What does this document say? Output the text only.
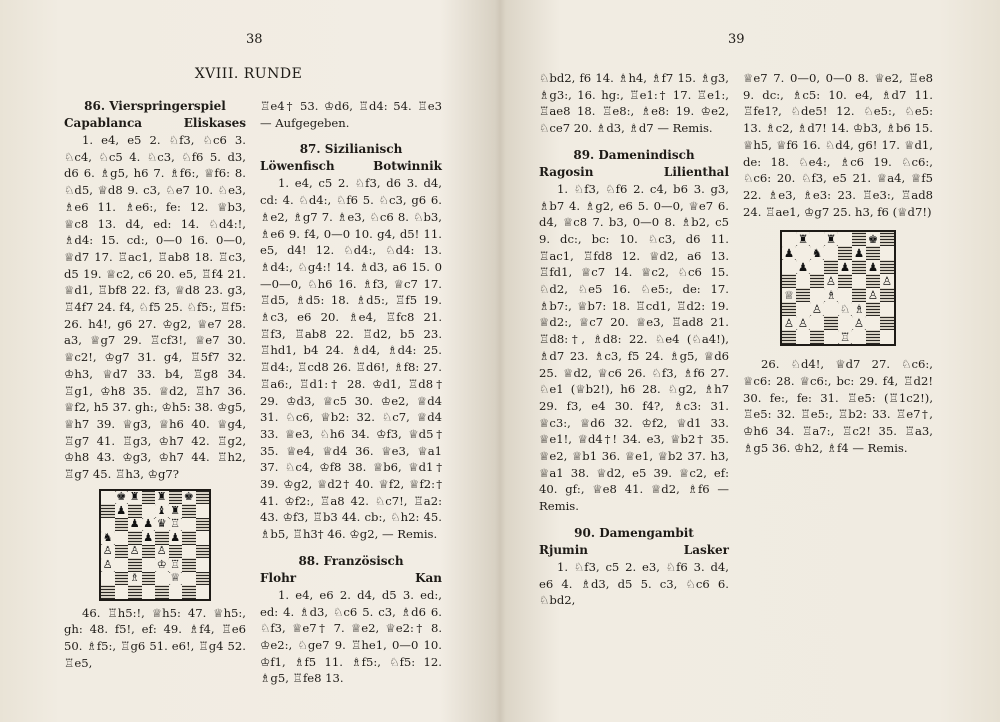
38
XVIII. RUNDE

86. Vierspringerspiel

Capablanca	Eliskases

1. e4, e5 2. ♘f3, ♘c6 3. ♘c4, ♘c5 4. ♘c3, ♘f6 5. d3, d6 6. ♗g5, h6 7. ♗f6:, ♕f6: 8. ♘d5, ♕d8 9. c3, ♘e7 10. ♘e3, ♗e6 11. ♗e6:, fe: 12. ♕b3, ♕c8 13. d4, ed: 14. ♘d4:!, ♗d4: 15. cd:, 0—0 16. 0—0, ♕d7 17. ♖ac1, ♖ab8 18. ♖c3, d5 19. ♕c2, c6 20. e5, ♖f4 21. ♕d1, ♖bf8 22. f3, ♕d8 23. g3, ♖4f7 24. f4, ♘f5 25. ♘f5:, ♖f5: 26. h4!, g6 27. ♔g2, ♕e7 28. a3, ♕g7 29. ♖cf3!, ♕e7 30. ♕c2!, ♔g7 31. g4, ♖5f7 32. ♔h3, ♕d7 33. b4, ♖g8 34. ♖g1, ♔h8 35. ♕d2, ♖h7 36. ♕f2, h5 37. gh:, ♔h5: 38. ♔g5, ♕h7 39. ♕g3, ♕h6 40. ♕g4, ♖g7 41. ♖g3, ♔h7 42. ♖g2, ♔h8 43. ♔g3, ♔h7 44. ♖h2, ♖g7 45. ♖h3, ♔g7?

♚ ♜ ♜ ♚
♟	♝ ♜
♟ ♟ ♛ ♖
♞	♟ ♟
♙ ♙ ♙
♙	♔ ♖
♗	♕

46. ♖h5:!, ♕h5: 47. ♕h5:, gh: 48. f5!, ef: 49. ♗f4, ♖e6 50. ♗f5:, ♖g6 51. e6!, ♖g4 52. ♖e5,

♖e4† 53. ♔d6, ♖d4: 54. ♖e3 — Aufgegeben.

87. Sizilianisch

Löwenfisch	Botwinnik

1. e4, c5 2. ♘f3, d6 3. d4, cd: 4. ♘d4:, ♘f6 5. ♘c3, g6 6. ♗e2, ♗g7 7. ♗e3, ♘c6 8. ♘b3, ♗e6 9. f4, 0—0 10. g4, d5! 11. e5, d4! 12. ♘d4:, ♘d4: 13. ♗d4:, ♘g4:! 14. ♗d3, a6 15. 0—0—0, ♘h6 16. ♗f3, ♕c7 17. ♖d5, ♗d5: 18. ♗d5:, ♖f5 19. ♗c3, e6 20. ♗e4, ♖fc8 21. ♖f3, ♖ab8 22. ♖d2, b5 23. ♖hd1, b4 24. ♗d4, ♗d4: 25. ♖d4:, ♖cd8 26. ♖d6!, ♗f8: 27. ♖a6:, ♖d1:† 28. ♔d1, ♖d8† 29. ♔d3, ♕c5 30. ♔e2, ♕d4 31. ♘c6, ♕b2: 32. ♘c7, ♕d4 33. ♕e3, ♘h6 34. ♔f3, ♕d5† 35. ♕e4, ♕d4 36. ♕e3, ♕a1 37. ♘c4, ♔f8 38. ♕b6, ♕d1† 39. ♔g2, ♕d2† 40. ♕f2, ♕f2:† 41. ♔f2:, ♖a8 42. ♘c7!, ♖a2: 43. ♔f3, ♖b3 44. cb:, ♘h2: 45. ♗b5, ♖h3† 46. ♔g2, — Remis.

88. Französisch

Flohr	Kan

1. e4, e6 2. d4, d5 3. ed:, ed: 4. ♗d3, ♘c6 5. c3, ♗d6 6. ♘f3, ♕e7† 7. ♕e2, ♕e2:† 8. ♔e2:, ♘ge7 9. ♖he1, 0—0 10. ♔f1, ♗f5 11. ♗f5:, ♘f5: 12. ♗g5, ♖fe8 13.

39

♘bd2, f6 14. ♗h4, ♗f7 15. ♗g3, ♗g3:, 16. hg:, ♖e1:† 17. ♖e1:, ♖ae8 18. ♖e8:, ♗e8: 19. ♔e2, ♘ce7 20. ♗d3, ♗d7 — Remis.

89. Damenindisch

Ragosin	Lilienthal

1. ♘f3, ♘f6 2. c4, b6 3. g3, ♗b7 4. ♗g2, e6 5. 0—0, ♕e7 6. d4, ♕c8 7. b3, 0—0 8. ♗b2, c5 9. dc:, bc: 10. ♘c3, d6 11. ♖ac1, ♖fd8 12. ♕d2, a6 13. ♖fd1, ♕c7 14. ♕c2, ♘c6 15. ♘d2, ♘e5 16. ♘e5:, de: 17. ♗b7:, ♕b7: 18. ♖cd1, ♖d2: 19. ♕d2:, ♕c7 20. ♕e3, ♖ad8 21. ♖d8:†, ♗d8: 22. ♘e4 (♘a4!), ♗d7 23. ♗c3, f5 24. ♗g5, ♕d6 25. ♕d2, ♕c6 26. ♘f3, ♗f6 27. ♘e1 (♕b2!), h6 28. ♘g2, ♗h7 29. f3, e4 30. f4?, ♗c3: 31. ♕c3:, ♕d6 32. ♔f2, ♕d1 33. ♕e1!, ♕d4†! 34. e3, ♕b2† 35. ♕e2, ♕b1 36. ♕e1, ♕b2 37. h3, ♕a1 38. ♕d2, e5 39. ♕c2, ef: 40. gf:, ♕e8 41. ♕d2, ♗f6 — Remis.

90. Damengambit

Rjumin	Lasker

1. ♘f3, c5 2. e3, ♘f6 3. d4, e6 4. ♗d3, d5 5. c3, ♘c6 6. ♘bd2,

♕e7 7. 0—0, 0—0 8. ♕e2, ♖e8 9. dc:, ♗c5: 10. e4, ♗d7 11. ♖fe1?, ♘de5! 12. ♘e5:, ♘e5: 13. ♗c2, ♗d7! 14. ♔b3, ♗b6 15. ♕h5, ♕f6 16. ♘d4, g6! 17. ♕d1, de: 18. ♘e4:, ♗c6 19. ♘c6:, ♘c6: 20. ♘f3, e5 21. ♕a4, ♕f5 22. ♗e3, ♗e3: 23. ♖e3:, ♖ad8 24. ♖ae1, ♔g7 25. h3, f6 (♕d7!)

♜ ♜	♚
♟ ♞	♟
♟	♟ ♟
♙	♙
♕	♗	♙
♙ ♘ ♗
♙ ♙	♙
♖

26. ♘d4!, ♕d7 27. ♘c6:, ♕c6: 28. ♕c6:, bc: 29. f4, ♖d2! 30. fe:, fe: 31. ♖e5: (♖1c2!), ♖e5: 32. ♖e5:, ♖b2: 33. ♖e7†, ♔h6 34. ♖a7:, ♖c2! 35. ♖a3, ♗g5 36. ♔h2, ♗f4 — Remis.
